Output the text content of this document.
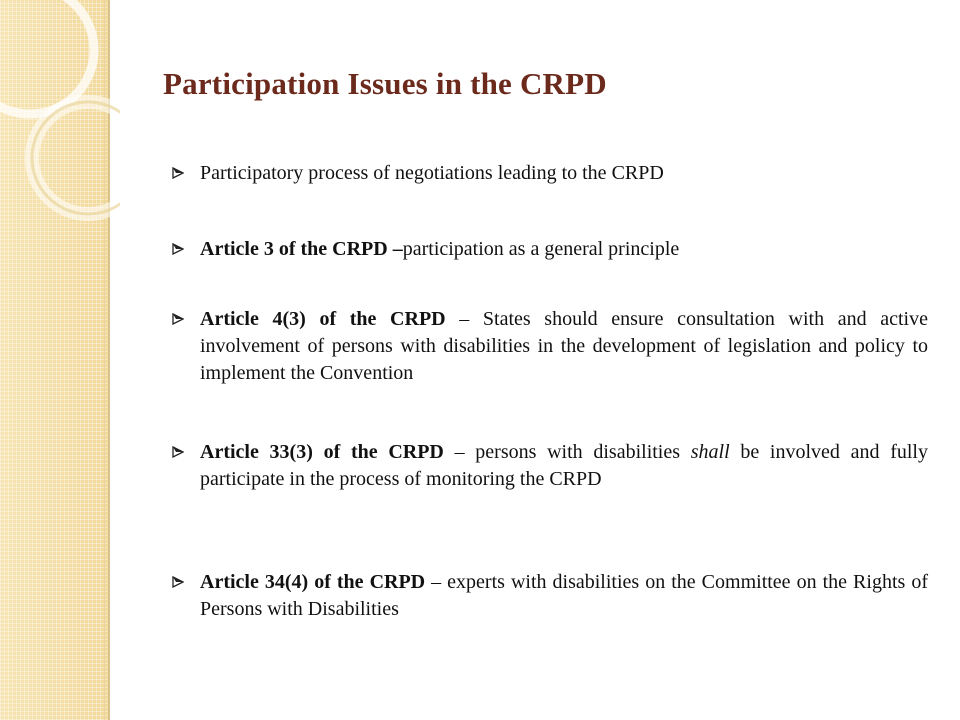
Participation Issues in the CRPD
Participatory process of negotiations leading to the CRPD
Article 3 of the CRPD –participation as a general principle
Article 4(3) of the CRPD – States should ensure consultation with and active involvement of persons with disabilities in the development of legislation and policy to implement the Convention
Article 33(3) of the CRPD – persons with disabilities shall be involved and fully participate in the process of monitoring the CRPD
Article 34(4) of the CRPD – experts with disabilities on the Committee on the Rights of Persons with Disabilities
